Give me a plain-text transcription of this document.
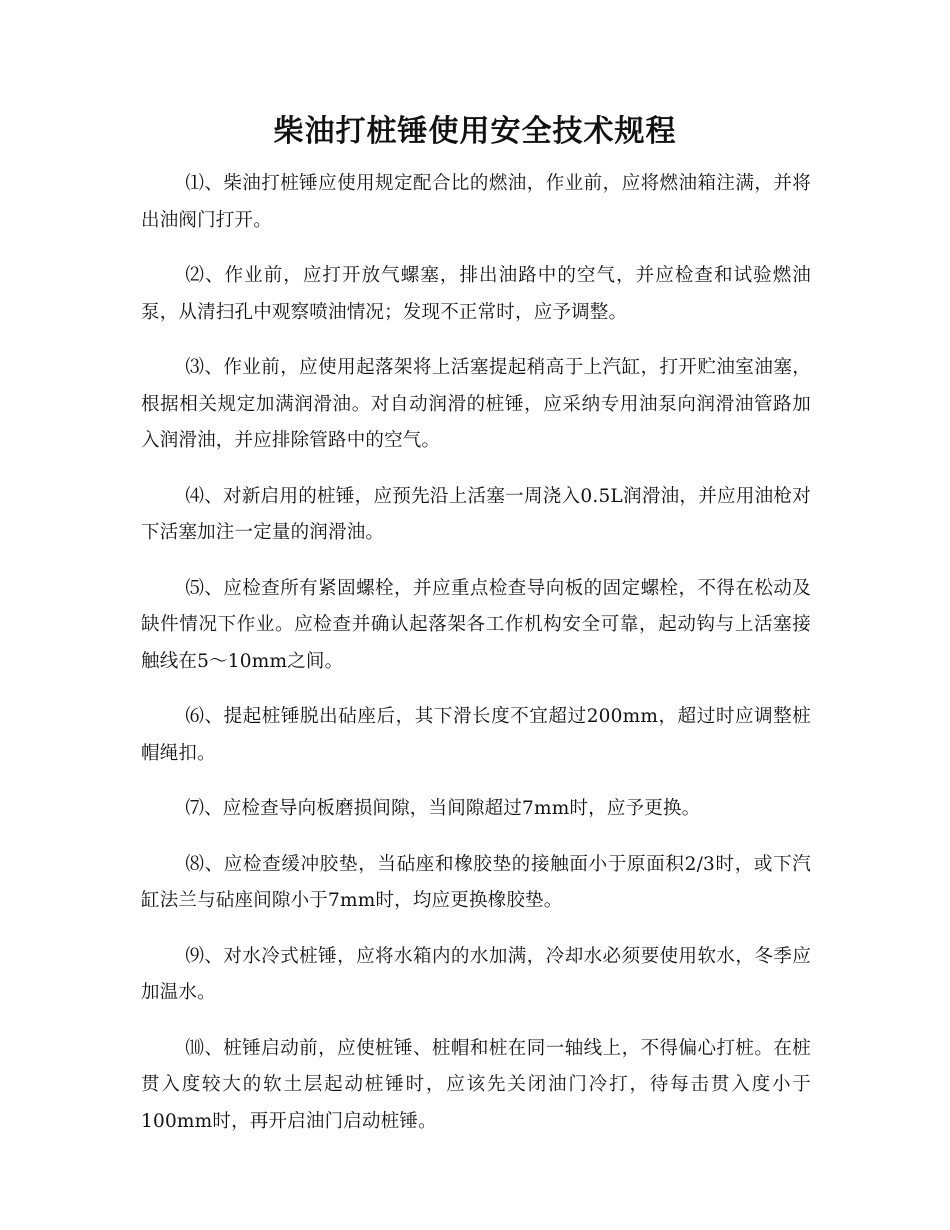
柴油打桩锤使用安全技术规程

⑴、柴油打桩锤应使用规定配合比的燃油，作业前，应将燃油箱注满，并将出油阀门打开。

⑵、作业前，应打开放气螺塞，排出油路中的空气，并应检查和试验燃油泵，从清扫孔中观察喷油情况；发现不正常时，应予调整。

⑶、作业前，应使用起落架将上活塞提起稍高于上汽缸，打开贮油室油塞，根据相关规定加满润滑油。对自动润滑的桩锤，应采纳专用油泵向润滑油管路加入润滑油，并应排除管路中的空气。

⑷、对新启用的桩锤，应预先沿上活塞一周浇入0.5L润滑油，并应用油枪对下活塞加注一定量的润滑油。

⑸、应检查所有紧固螺栓，并应重点检查导向板的固定螺栓，不得在松动及缺件情况下作业。应检查并确认起落架各工作机构安全可靠，起动钩与上活塞接触线在5～10mm之间。

⑹、提起桩锤脱出砧座后，其下滑长度不宜超过200mm，超过时应调整桩帽绳扣。

⑺、应检查导向板磨损间隙，当间隙超过7mm时，应予更换。

⑻、应检查缓冲胶垫，当砧座和橡胶垫的接触面小于原面积2/3时，或下汽缸法兰与砧座间隙小于7mm时，均应更换橡胶垫。

⑼、对水冷式桩锤，应将水箱内的水加满，冷却水必须要使用软水，冬季应加温水。

⑽、桩锤启动前，应使桩锤、桩帽和桩在同一轴线上，不得偏心打桩。在桩贯入度较大的软土层起动桩锤时，应该先关闭油门冷打，待每击贯入度小于100mm时，再开启油门启动桩锤。
